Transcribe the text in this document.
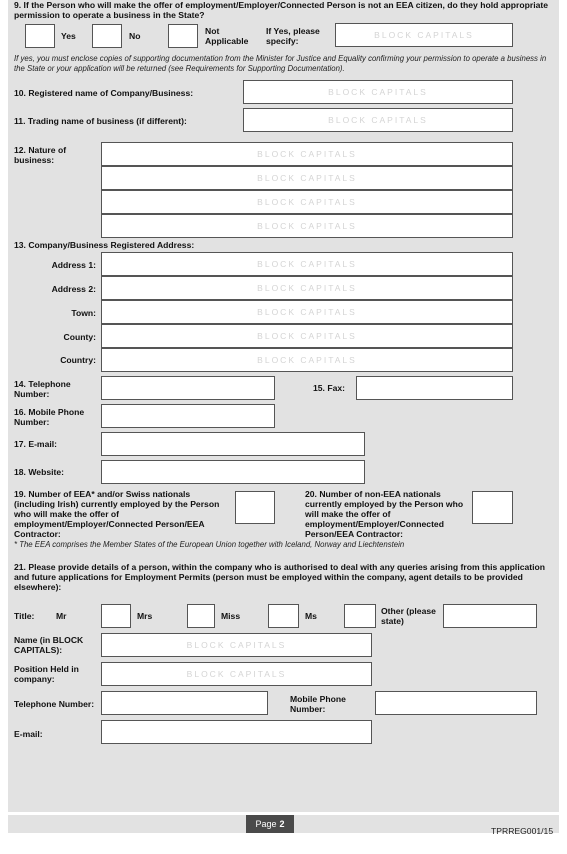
9. If the Person who will make the offer of employment/Employer/Connected Person is not an EEA citizen, do they hold appropriate permission to operate a business in the State?
Yes	No	Not Applicable
If Yes, please specify:
BLOCK CAPITALS
If yes, you must enclose copies of supporting documentation from the Minister for Justice and Equality confirming your permission to operate a business in the State or your application will be returned (see Requirements for Supporting Documentation).
10. Registered name of Company/Business:	BLOCK CAPITALS
11. Trading name of business (if different):	BLOCK CAPITALS
12. Nature of business:
BLOCK CAPITALS
BLOCK CAPITALS
BLOCK CAPITALS
BLOCK CAPITALS
13. Company/Business Registered Address:
Address 1:	BLOCK CAPITALS
Address 2:	BLOCK CAPITALS
Town:	BLOCK CAPITALS
County:	BLOCK CAPITALS
Country:	BLOCK CAPITALS
14. Telephone Number:
15. Fax:
16. Mobile Phone Number:
17. E-mail:
18. Website:
19. Number of EEA* and/or Swiss nationals (including Irish) currently employed by the Person who will make the offer of employment/Employer/Connected Person/EEA Contractor:
20. Number of non-EEA nationals currently employed by the Person who will make the offer of employment/Employer/Connected Person/EEA Contractor:
* The EEA comprises the Member States of the European Union together with Iceland, Norway and Liechtenstein
21. Please provide details of a person, within the company who is authorised to deal with any queries arising from this application and future applications for Employment Permits (person must be employed within the company, agent details to be provided elsewhere):
Title:	Mr	Mrs	Miss	Ms	Other (please state)
Name (in BLOCK CAPITALS):	BLOCK CAPITALS
Position Held in company:	BLOCK CAPITALS
Telephone Number:	Mobile Phone Number:
E-mail:
Page 2
TPRREG001/15
